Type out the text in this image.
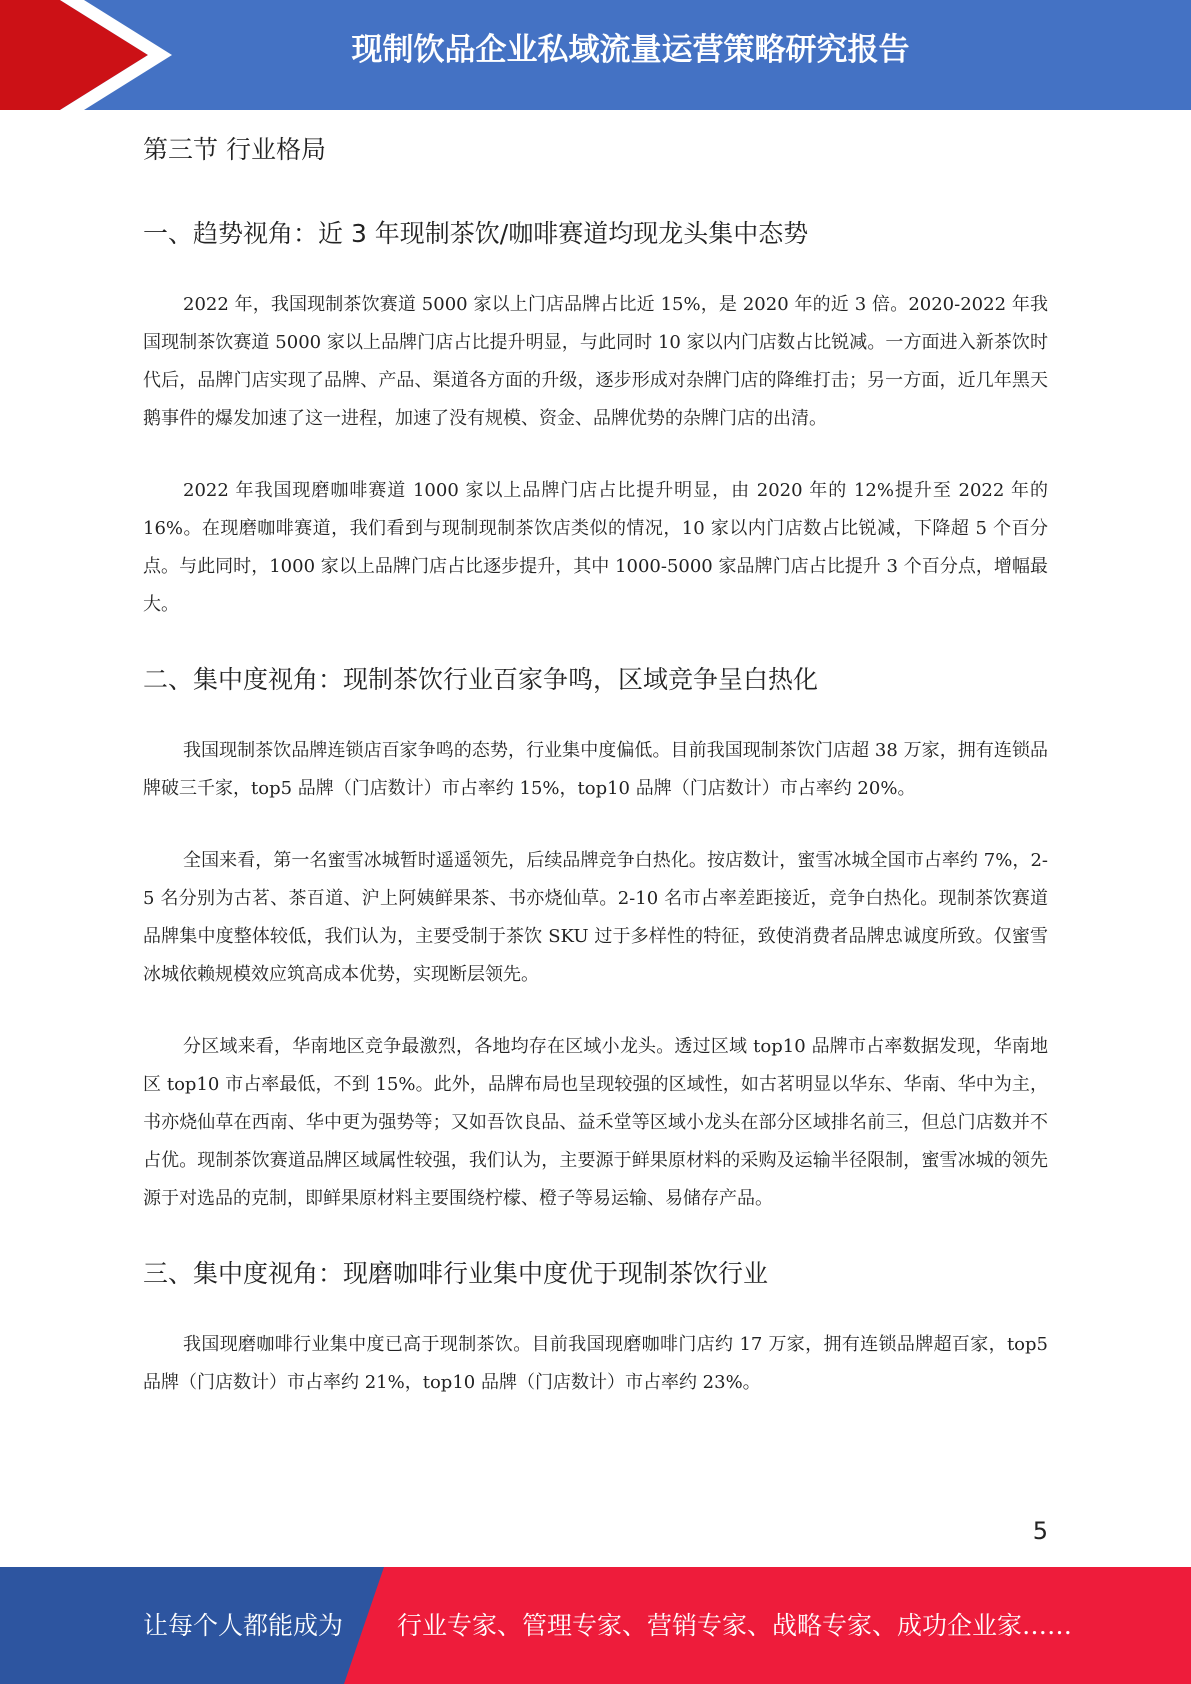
现制饮品企业私域流量运营策略研究报告
第三节 行业格局
一、趋势视角：近 3 年现制茶饮/咖啡赛道均现龙头集中态势

2022 年，我国现制茶饮赛道 5000 家以上门店品牌占比近 15%，是 2020 年的近 3 倍。2020-2022 年我国现制茶饮赛道 5000 家以上品牌门店占比提升明显，与此同时 10 家以内门店数占比锐减。一方面进入新茶饮时代后，品牌门店实现了品牌、产品、渠道各方面的升级，逐步形成对杂牌门店的降维打击；另一方面，近几年黑天鹅事件的爆发加速了这一进程，加速了没有规模、资金、品牌优势的杂牌门店的出清。

2022 年我国现磨咖啡赛道 1000 家以上品牌门店占比提升明显，由 2020 年的 12%提升至 2022 年的 16%。在现磨咖啡赛道，我们看到与现制现制茶饮店类似的情况，10 家以内门店数占比锐减，下降超 5 个百分点。与此同时，1000 家以上品牌门店占比逐步提升，其中 1000-5000 家品牌门店占比提升 3 个百分点，增幅最大。

二、集中度视角：现制茶饮行业百家争鸣，区域竞争呈白热化

我国现制茶饮品牌连锁店百家争鸣的态势，行业集中度偏低。目前我国现制茶饮门店超 38 万家，拥有连锁品牌破三千家，top5 品牌（门店数计）市占率约 15%，top10 品牌（门店数计）市占率约 20%。

全国来看，第一名蜜雪冰城暂时遥遥领先，后续品牌竞争白热化。按店数计，蜜雪冰城全国市占率约 7%，2-5 名分别为古茗、茶百道、沪上阿姨鲜果茶、书亦烧仙草。2-10 名市占率差距接近，竞争白热化。现制茶饮赛道品牌集中度整体较低，我们认为，主要受制于茶饮 SKU 过于多样性的特征，致使消费者品牌忠诚度所致。仅蜜雪冰城依赖规模效应筑高成本优势，实现断层领先。

分区域来看，华南地区竞争最激烈，各地均存在区域小龙头。透过区域 top10 品牌市占率数据发现，华南地区 top10 市占率最低，不到 15%。此外，品牌布局也呈现较强的区域性，如古茗明显以华东、华南、华中为主，书亦烧仙草在西南、华中更为强势等；又如吾饮良品、益禾堂等区域小龙头在部分区域排名前三，但总门店数并不占优。现制茶饮赛道品牌区域属性较强，我们认为，主要源于鲜果原材料的采购及运输半径限制，蜜雪冰城的领先源于对选品的克制，即鲜果原材料主要围绕柠檬、橙子等易运输、易储存产品。

三、集中度视角：现磨咖啡行业集中度优于现制茶饮行业

我国现磨咖啡行业集中度已高于现制茶饮。目前我国现磨咖啡门店约 17 万家，拥有连锁品牌超百家，top5 品牌（门店数计）市占率约 21%，top10 品牌（门店数计）市占率约 23%。

5
让每个人都能成为 行业专家、管理专家、营销专家、战略专家、成功企业家……
